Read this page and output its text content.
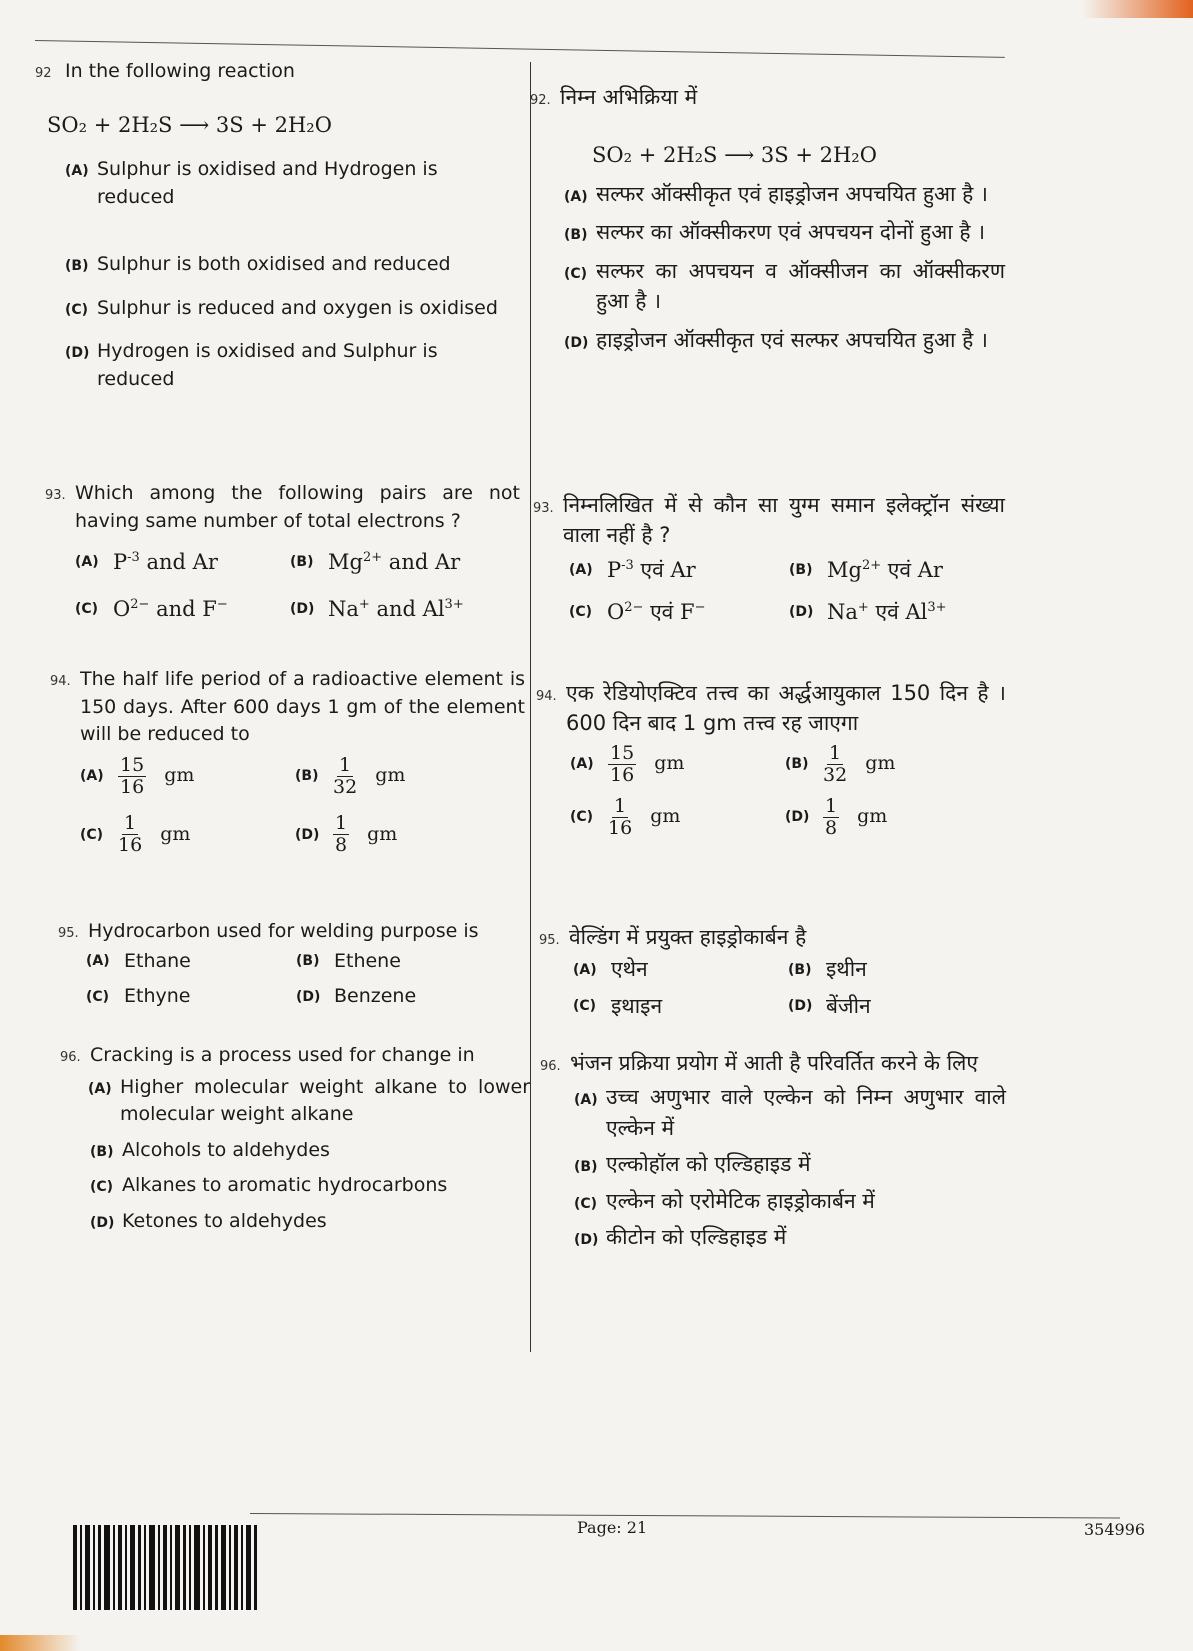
92 In the following reaction
SO₂ + 2H₂S ⟶ 3S + 2H₂O
(A) Sulphur is oxidised and Hydrogen is reduced
(B) Sulphur is both oxidised and reduced
(C) Sulphur is reduced and oxygen is oxidised
(D) Hydrogen is oxidised and Sulphur is reduced
93. Which among the following pairs are not having same number of total electrons ?
(A) $P^{-3}$ and Ar	(B) $Mg^{2+}$ and Ar
(C) $O^{2-}$ and F−	(D) Na+ and $Al^{3+}$
94. The half life period of a radioactive element is 150 days. After 600 days 1 gm of the element will be reduced to
$(A) \frac{15}{16}$ gm	$(B) \frac{1}{32}$ gm
$(C) \frac{1}{16}$ gm	$(D) \frac{1}{8}$ gm
95. Hydrocarbon used for welding purpose is
(A) Ethane	(B) Ethene
(C) Ethyne	(D) Benzene
96. Cracking is a process used for change in
(A) Higher molecular weight alkane to lower molecular weight alkane
(B) Alcohols to aldehydes
(C) Alkanes to aromatic hydrocarbons
(D) Ketones to aldehydes
92. निम्न अभिक्रिया में
SO₂ + 2H₂S ⟶ 3S + 2H₂O
(A) सल्फर ऑक्सीकृत एवं हाइड्रोजन अपचयित हुआ है ।
(B) सल्फर का ऑक्सीकरण एवं अपचयन दोनों हुआ है ।
(C) सल्फर का अपचयन व ऑक्सीजन का ऑक्सीकरण हुआ है ।
(D) हाइड्रोजन ऑक्सीकृत एवं सल्फर अपचयित हुआ है ।
93. निम्नलिखित में से कौन सा युग्म समान इलेक्ट्रॉन संख्या वाला नहीं है ?
(A) $P^{-3}$ एवं Ar	(B) $Mg^{2+}$ एवं Ar
(C) $O^{2-}$ एवं F−	(D) Na+ एवं $Al^{3+}$
94. एक रेडियोएक्टिव तत्त्व का अर्द्धआयुकाल 150 दिन है । 600 दिन बाद 1 gm तत्त्व रह जाएगा
$(A) \frac{15}{16}$ gm	$(B) \frac{1}{32}$ gm
$(C) \frac{1}{16}$ gm	$(D) \frac{1}{8}$ gm
95. वेल्डिंग में प्रयुक्त हाइड्रोकार्बन है
(A) एथेन	(B) इथीन
(C) इथाइन	(D) बेंजीन
96. भंजन प्रक्रिया प्रयोग में आती है परिवर्तित करने के लिए
(A) उच्च अणुभार वाले एल्केन को निम्न अणुभार वाले एल्केन में
(B) एल्कोहॉल को एल्डिहाइड में
(C) एल्केन को एरोमेटिक हाइड्रोकार्बन में
(D) कीटोन को एल्डिहाइड में
Page: 21	354996
